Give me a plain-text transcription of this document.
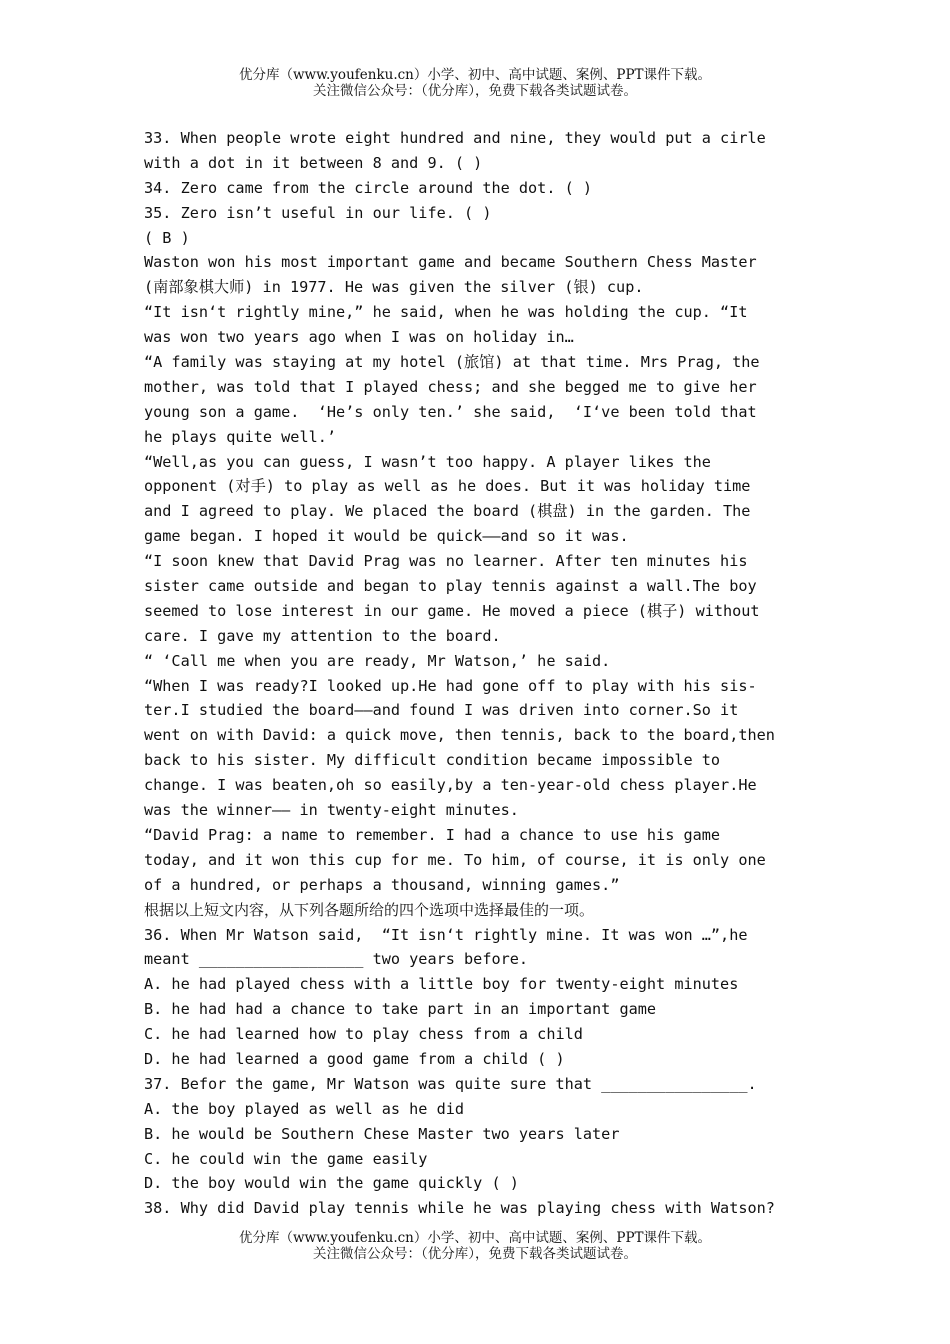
优分库（www.youfenku.cn）小学、初中、高中试题、案例、PPT课件下载。
关注微信公众号：（优分库），免费下载各类试题试卷。
33. When people wrote eight hundred and nine, they would put a cirle
with a dot in it between 8 and 9. ( )
34. Zero came from the circle around the dot. ( )
35. Zero isn’t useful in our life. ( )
( B )
Waston won his most important game and became Southern Chess Master
(南部象棋大师) in 1977. He was given the silver (银) cup.
“It isn‘t rightly mine,” he said, when he was holding the cup. “It
was won two years ago when I was on holiday in…
“A family was staying at my hotel (旅馆) at that time. Mrs Prag, the
mother, was told that I played chess; and she begged me to give her
young son a game.  ‘He’s only ten.’ she said,  ‘I‘ve been told that
he plays quite well.’
“Well,as you can guess, I wasn’t too happy. A player likes the
opponent (对手) to play as well as he does. But it was holiday time
and I agreed to play. We placed the board (棋盘) in the garden. The
game began. I hoped it would be quick——and so it was.
“I soon knew that David Prag was no learner. After ten minutes his
sister came outside and began to play tennis against a wall.The boy
seemed to lose interest in our game. He moved a piece (棋子) without
care. I gave my attention to the board.
“ ‘Call me when you are ready, Mr Watson,’ he said.
“When I was ready?I looked up.He had gone off to play with his sis-
ter.I studied the board——and found I was driven into corner.So it
went on with David: a quick move, then tennis, back to the board,then
back to his sister. My difficult condition became impossible to
change. I was beaten,oh so easily,by a ten-year-old chess player.He
was the winner—— in twenty-eight minutes.
“David Prag: a name to remember. I had a chance to use his game
today, and it won this cup for me. To him, of course, it is only one
of a hundred, or perhaps a thousand, winning games.”
根据以上短文内容，从下列各题所给的四个选项中选择最佳的一项。
36. When Mr Watson said,  “It isn‘t rightly mine. It was won …”,he
meant __________________ two years before.
A. he had played chess with a little boy for twenty-eight minutes
B. he had had a chance to take part in an important game
C. he had learned how to play chess from a child
D. he had learned a good game from a child ( )
37. Befor the game, Mr Watson was quite sure that ________________.
A. the boy played as well as he did
B. he would be Southern Chese Master two years later
C. he could win the game easily
D. the boy would win the game quickly ( )
38. Why did David play tennis while he was playing chess with Watson?
优分库（www.youfenku.cn）小学、初中、高中试题、案例、PPT课件下载。
关注微信公众号：（优分库），免费下载各类试题试卷。
